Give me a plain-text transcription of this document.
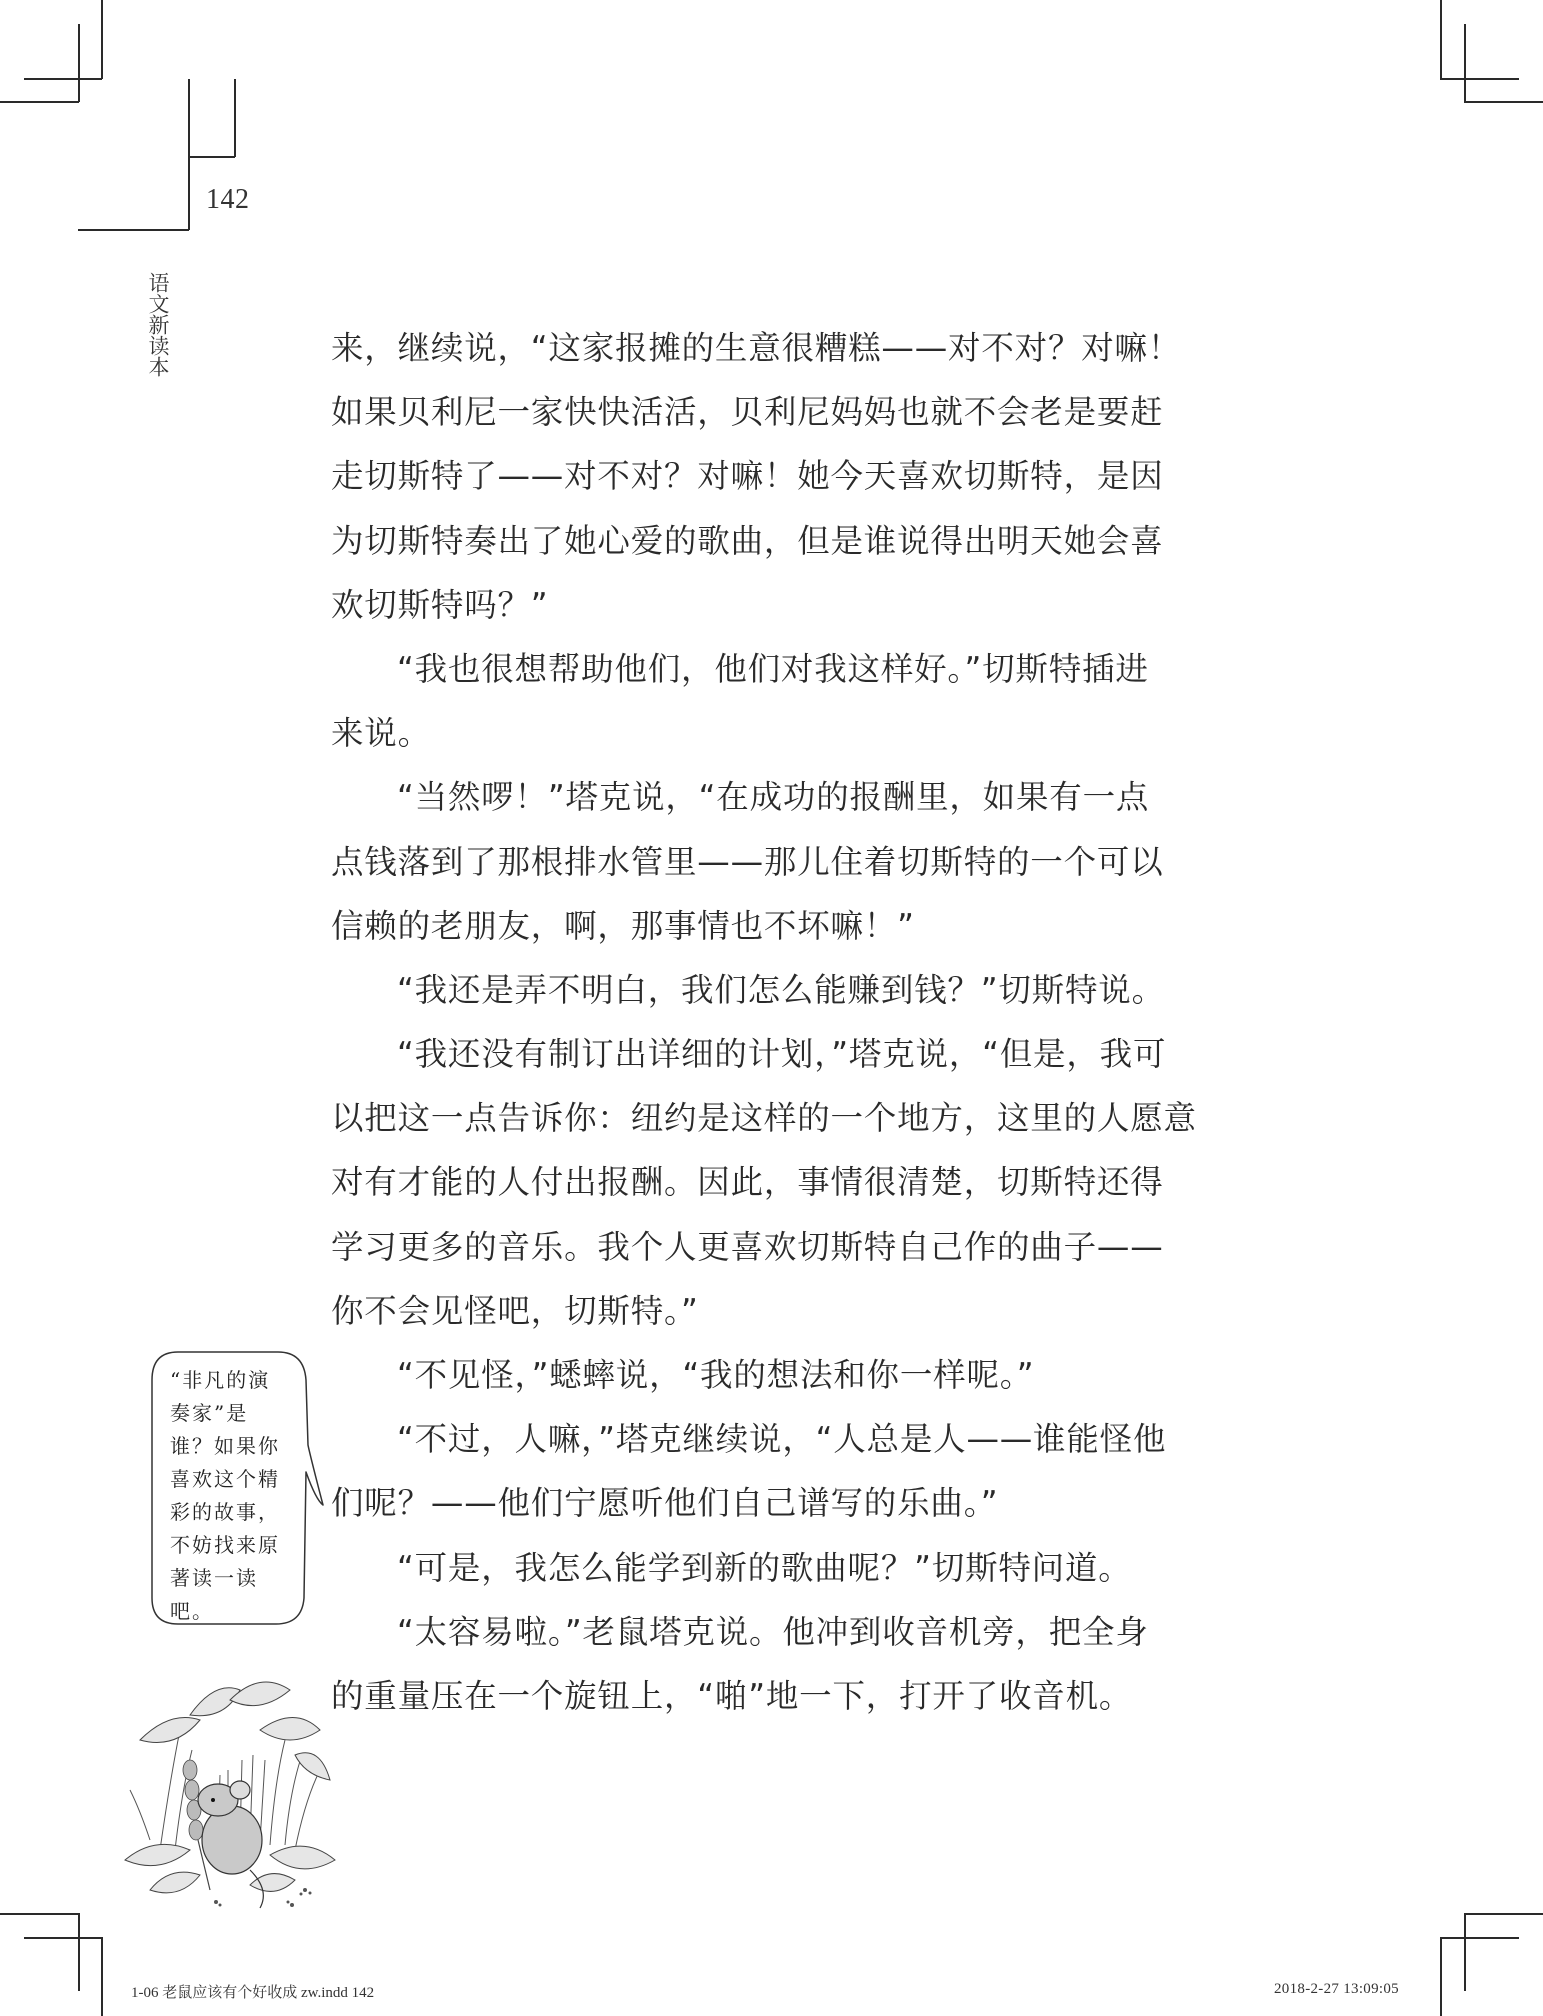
142
语文新读本	来，继续说，“这家报摊的生意很糟糕——对不对？对嘛！
如果贝利尼一家快快活活，贝利尼妈妈也就不会老是要赶
走切斯特了——对不对？对嘛！她今天喜欢切斯特，是因
为切斯特奏出了她心爱的歌曲，但是谁说得出明天她会喜
欢切斯特吗？”
“我也很想帮助他们，他们对我这样好。”切斯特插进
来说。
“当然啰！”塔克说，“在成功的报酬里，如果有一点
点钱落到了那根排水管里——那儿住着切斯特的一个可以
信赖的老朋友，啊，那事情也不坏嘛！”
“我还是弄不明白，我们怎么能赚到钱？”切斯特说。
“我还没有制订出详细的计划，”塔克说，“但是，我可
以把这一点告诉你：纽约是这样的一个地方，这里的人愿意
对有才能的人付出报酬。因此，事情很清楚，切斯特还得
学习更多的音乐。我个人更喜欢切斯特自己作的曲子——
你不会见怪吧，切斯特。”
“不见怪，”蟋蟀说，“我的想法和你一样呢。”
“不过，人嘛，”塔克继续说，“人总是人——谁能怪他
们呢？——他们宁愿听他们自己谱写的乐曲。”
“可是，我怎么能学到新的歌曲呢？”切斯特问道。
“太容易啦。”老鼠塔克说。他冲到收音机旁，把全身
的重量压在一个旋钮上，“啪”地一下，打开了收音机。
“非凡的演
奏家”是
谁？如果你
喜欢这个精
彩的故事，
不妨找来原
著读一读
吧。
1-06 老鼠应该有个好收成 zw.indd 142	2018-2-27 13:09:05
